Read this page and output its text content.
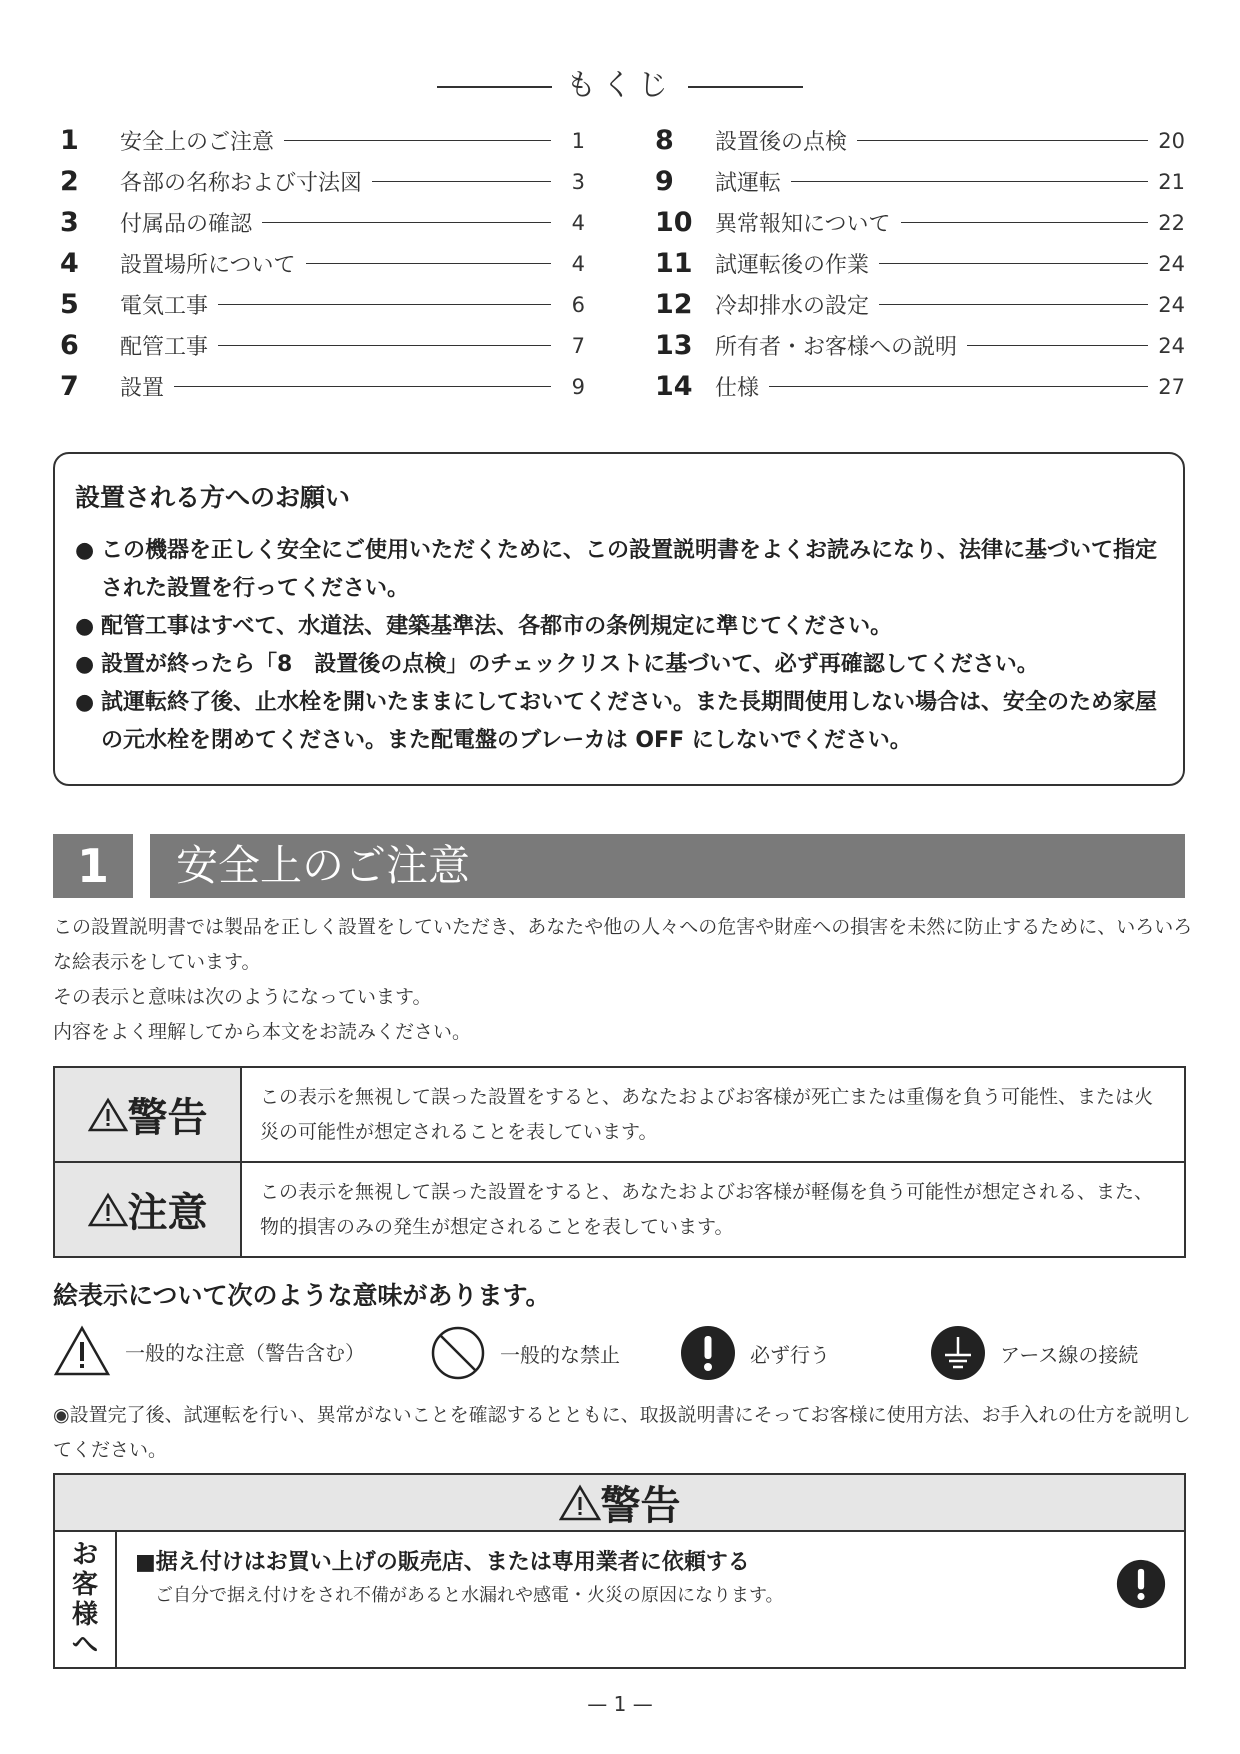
もくじ
1	安全上のご注意	1
2	各部の名称および寸法図	3
3	付属品の確認	4
4	設置場所について	4
5	電気工事	6
6	配管工事	7
7	設置	9
8	設置後の点検	20
9	試運転	21
10	異常報知について	22
11	試運転後の作業	24
12	冷却排水の設定	24
13	所有者・お客様への説明	24
14	仕様	27
設置される方へのお願い
● この機器を正しく安全にご使用いただくために、この設置説明書をよくお読みになり、法律に基づいて指定された設置を行ってください。
● 配管工事はすべて、水道法、建築基準法、各都市の条例規定に準じてください。
● 設置が終ったら「8　設置後の点検」のチェックリストに基づいて、必ず再確認してください。
● 試運転終了後、止水栓を開いたままにしておいてください。また長期間使用しない場合は、安全のため家屋の元水栓を閉めてください。また配電盤のブレーカは OFF にしないでください。
1	安全上のご注意
この設置説明書では製品を正しく設置をしていただき、あなたや他の人々への危害や財産への損害を未然に防止するために、いろいろな絵表示をしています。
その表示と意味は次のようになっています。
内容をよく理解してから本文をお読みください。
警告	この表示を無視して誤った設置をすると、あなたおよびお客様が死亡または重傷を負う可能性、または火災の可能性が想定されることを表しています。
注意	この表示を無視して誤った設置をすると、あなたおよびお客様が軽傷を負う可能性が想定される、また、物的損害のみの発生が想定されることを表しています。
絵表示について次のような意味があります。
一般的な注意（警告含む）	一般的な禁止	必ず行う	アース線の接続
◉設置完了後、試運転を行い、異常がないことを確認するとともに、取扱説明書にそってお客様に使用方法、お手入れの仕方を説明してください。
警告
お
客
様
へ
■据え付けはお買い上げの販売店、または専用業者に依頼する
ご自分で据え付けをされ不備があると水漏れや感電・火災の原因になります。
— 1 —
